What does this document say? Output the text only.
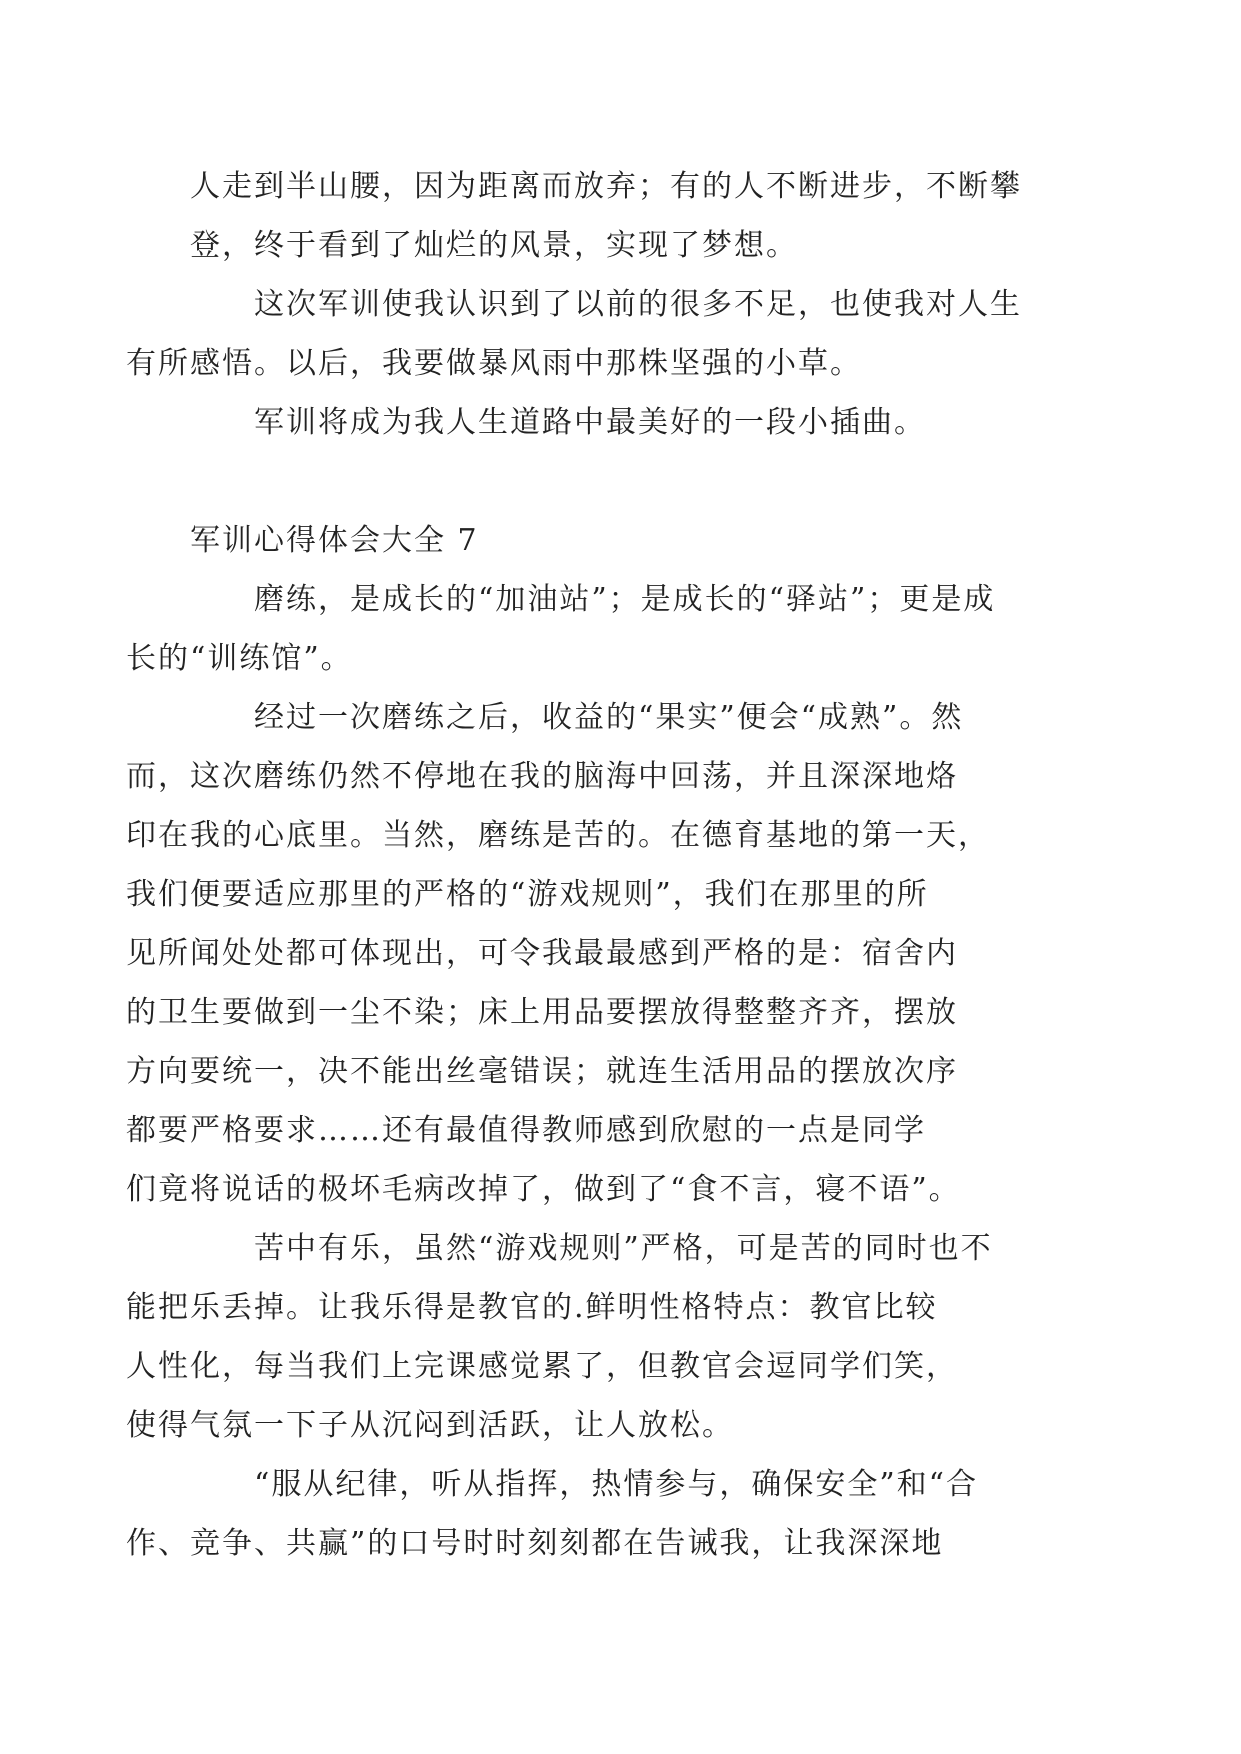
人走到半山腰，因为距离而放弃；有的人不断进步，不断攀
登，终于看到了灿烂的风景，实现了梦想。
这次军训使我认识到了以前的很多不足，也使我对人生
有所感悟。以后，我要做暴风雨中那株坚强的小草。
军训将成为我人生道路中最美好的一段小插曲。
军训心得体会大全 7
磨练，是成长的“加油站”；是成长的“驿站”；更是成
长的“训练馆”。
经过一次磨练之后，收益的“果实”便会“成熟”。然
而，这次磨练仍然不停地在我的脑海中回荡，并且深深地烙
印在我的心底里。当然，磨练是苦的。在德育基地的第一天，
我们便要适应那里的严格的“游戏规则”，我们在那里的所
见所闻处处都可体现出，可令我最最感到严格的是：宿舍内
的卫生要做到一尘不染；床上用品要摆放得整整齐齐，摆放
方向要统一，决不能出丝毫错误；就连生活用品的摆放次序
都要严格要求……还有最值得教师感到欣慰的一点是同学
们竟将说话的极坏毛病改掉了，做到了“食不言，寝不语”。
苦中有乐，虽然“游戏规则”严格，可是苦的同时也不
能把乐丢掉。让我乐得是教官的.鲜明性格特点：教官比较
人性化，每当我们上完课感觉累了，但教官会逗同学们笑，
使得气氛一下子从沉闷到活跃，让人放松。
“服从纪律，听从指挥，热情参与，确保安全”和“合
作、竞争、共赢”的口号时时刻刻都在告诫我，让我深深地
